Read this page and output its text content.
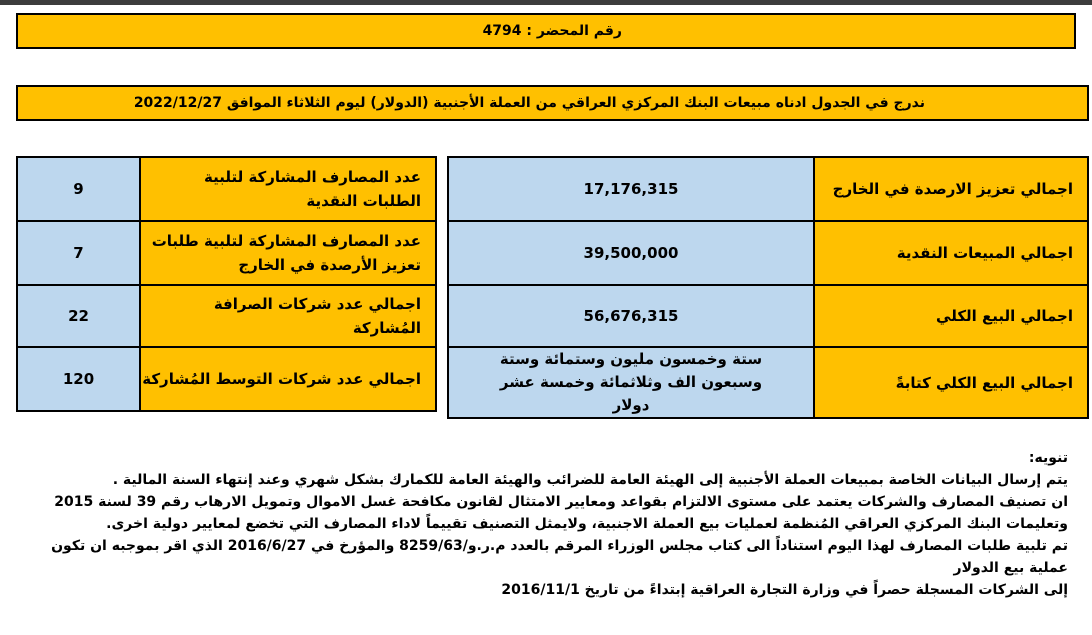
رقم المحضر : 4794
ندرج في الجدول ادناه مبيعات البنك المركزي العراقي من العملة الأجنبية (الدولار) ليوم الثلاثاء الموافق 2022/12/27
اجمالي تعزيز الارصدة في الخارج	17,176,315
اجمالي المبيعات النقدية	39,500,000
اجمالي البيع الكلي	56,676,315
اجمالي البيع الكلي كتابةً	ستة وخمسون مليون وستمائة وستة وسبعون الف وثلاثمائة وخمسة عشر دولار
عدد المصارف المشاركة لتلبية الطلبات النقدية	9
عدد المصارف المشاركة لتلبية طلبات تعزيز الأرصدة في الخارج	7
اجمالي عدد شركات الصرافة المُشاركة	22
اجمالي عدد شركات التوسط المُشاركة	120

تنويه:

يتم إرسال البيانات الخاصة بمبيعات العملة الأجنبية إلى الهيئة العامة للضرائب والهيئة العامة للكمارك بشكل شهري وعند إنتهاء السنة المالية .

ان تصنيف المصارف والشركات يعتمد على مستوى الالتزام بقواعد ومعايير الامتثال لقانون مكافحة غسل الاموال وتمويل الارهاب رقم 39 لسنة 2015

وتعليمات البنك المركزي العراقي المُنظمة لعمليات بيع العملة الاجنبية، ولايمثل التصنيف تقييماً لاداء المصارف التي تخضع لمعايير دولية اخرى.

تم تلبية طلبات المصارف لهذا اليوم استناداً الى كتاب مجلس الوزراء المرقم بالعدد م.ر.و/8259/63 والمؤرخ في 2016/6/27 الذي اقر بموجبه ان تكون عملية بيع الدولار

إلى الشركات المسجلة حصراً في وزارة التجارة العراقية إبتداءً من تاريخ 2016/11/1
